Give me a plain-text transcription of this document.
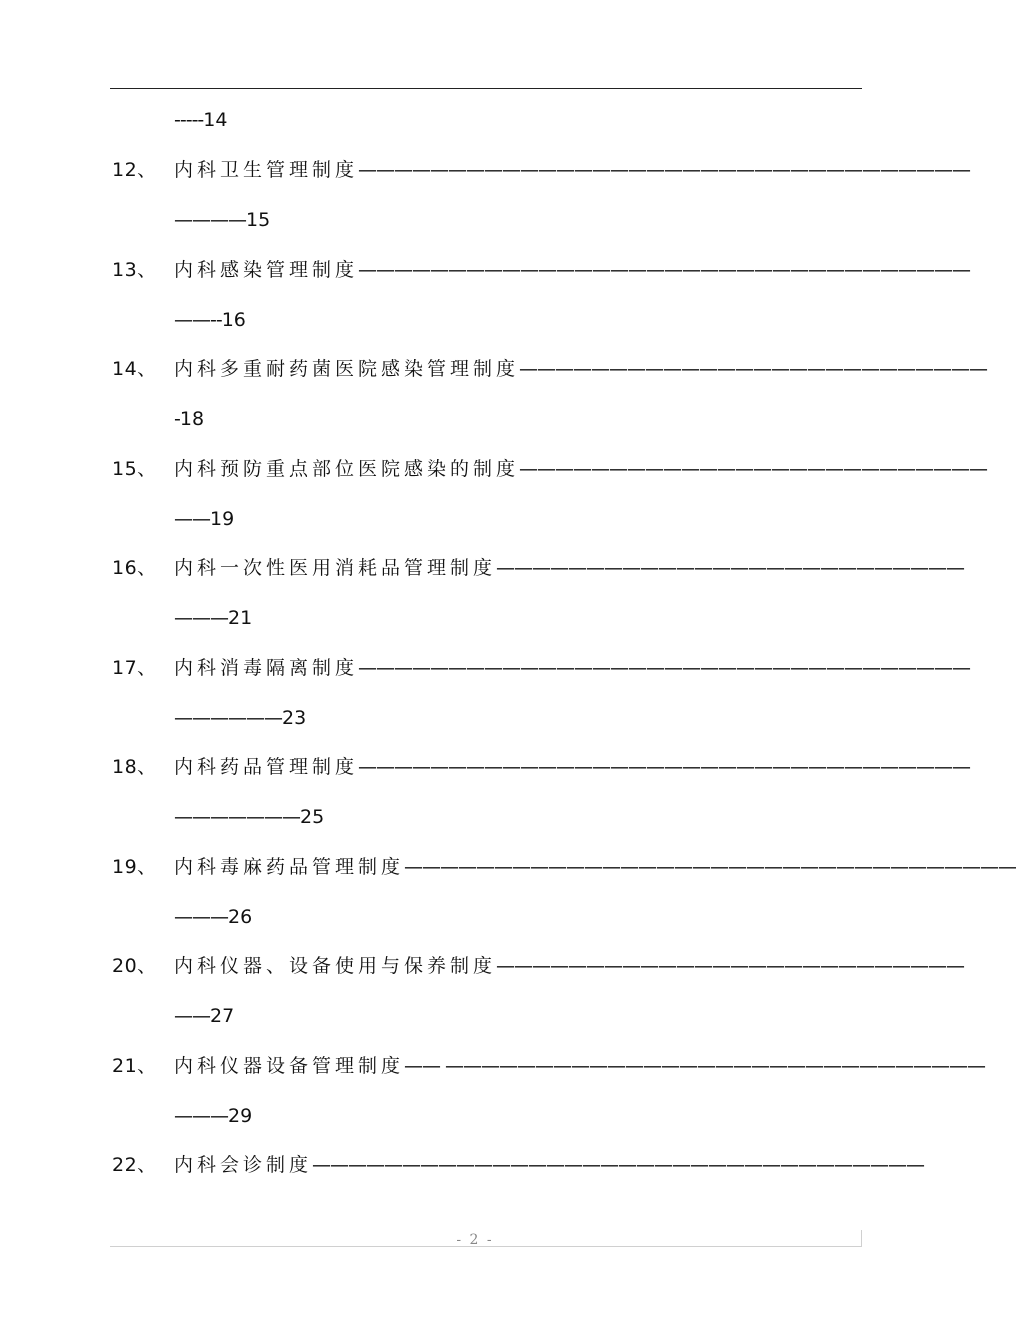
-----14
12、 内科卫生管理制度 ——————————————————————————————————
————15
13、 内科感染管理制度 ——————————————————————————————————
——--16
14、 内科多重耐药菌医院感染管理制度 ——————————————————————————
-18
15、 内科预防重点部位医院感染的制度 ——————————————————————————
——19
16、 内科一次性医用消耗品管理制度 ——————————————————————————
———21
17、 内科消毒隔离制度 ——————————————————————————————————
——————23
18、 内科药品管理制度 ——————————————————————————————————
———————25
19、 内科毒麻药品管理制度 ——————————————————————————————————
———26
20、 内科仪器、设备使用与保养制度 ——————————————————————————
——27
21、 内科仪器设备管理制度 —— ——————————————————————————————
———29
22、 内科会诊制度 ——————————————————————————————————
- 2 -
